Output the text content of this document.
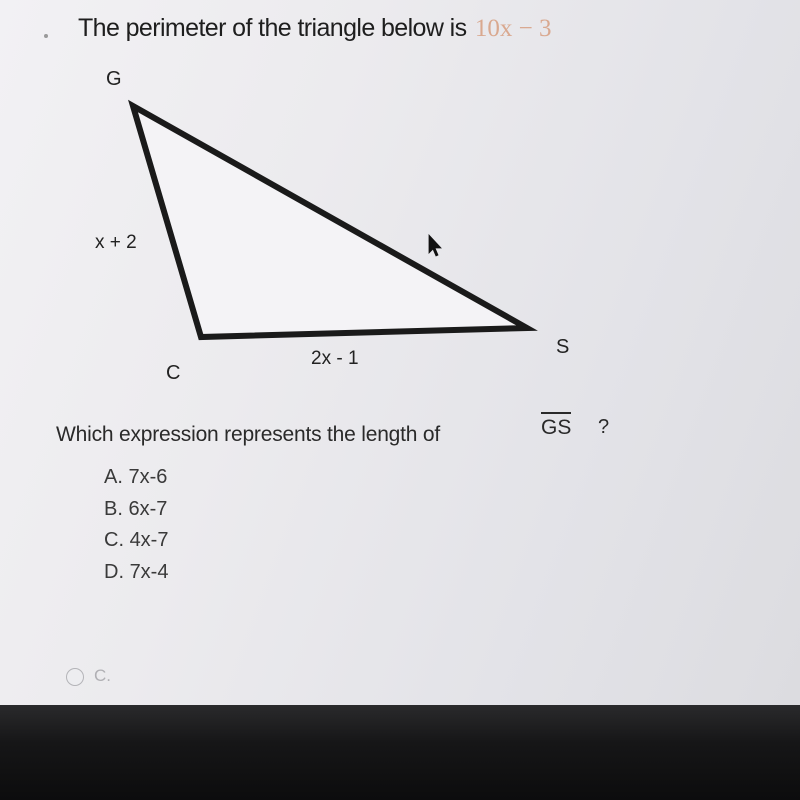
The perimeter of the triangle below is 10x − 3

G

C

S

x + 2

2x - 1

Which expression represents the length of	GS ?

A. 7x-6
B. 6x-7
C. 4x-7
D. 7x-4
C.
